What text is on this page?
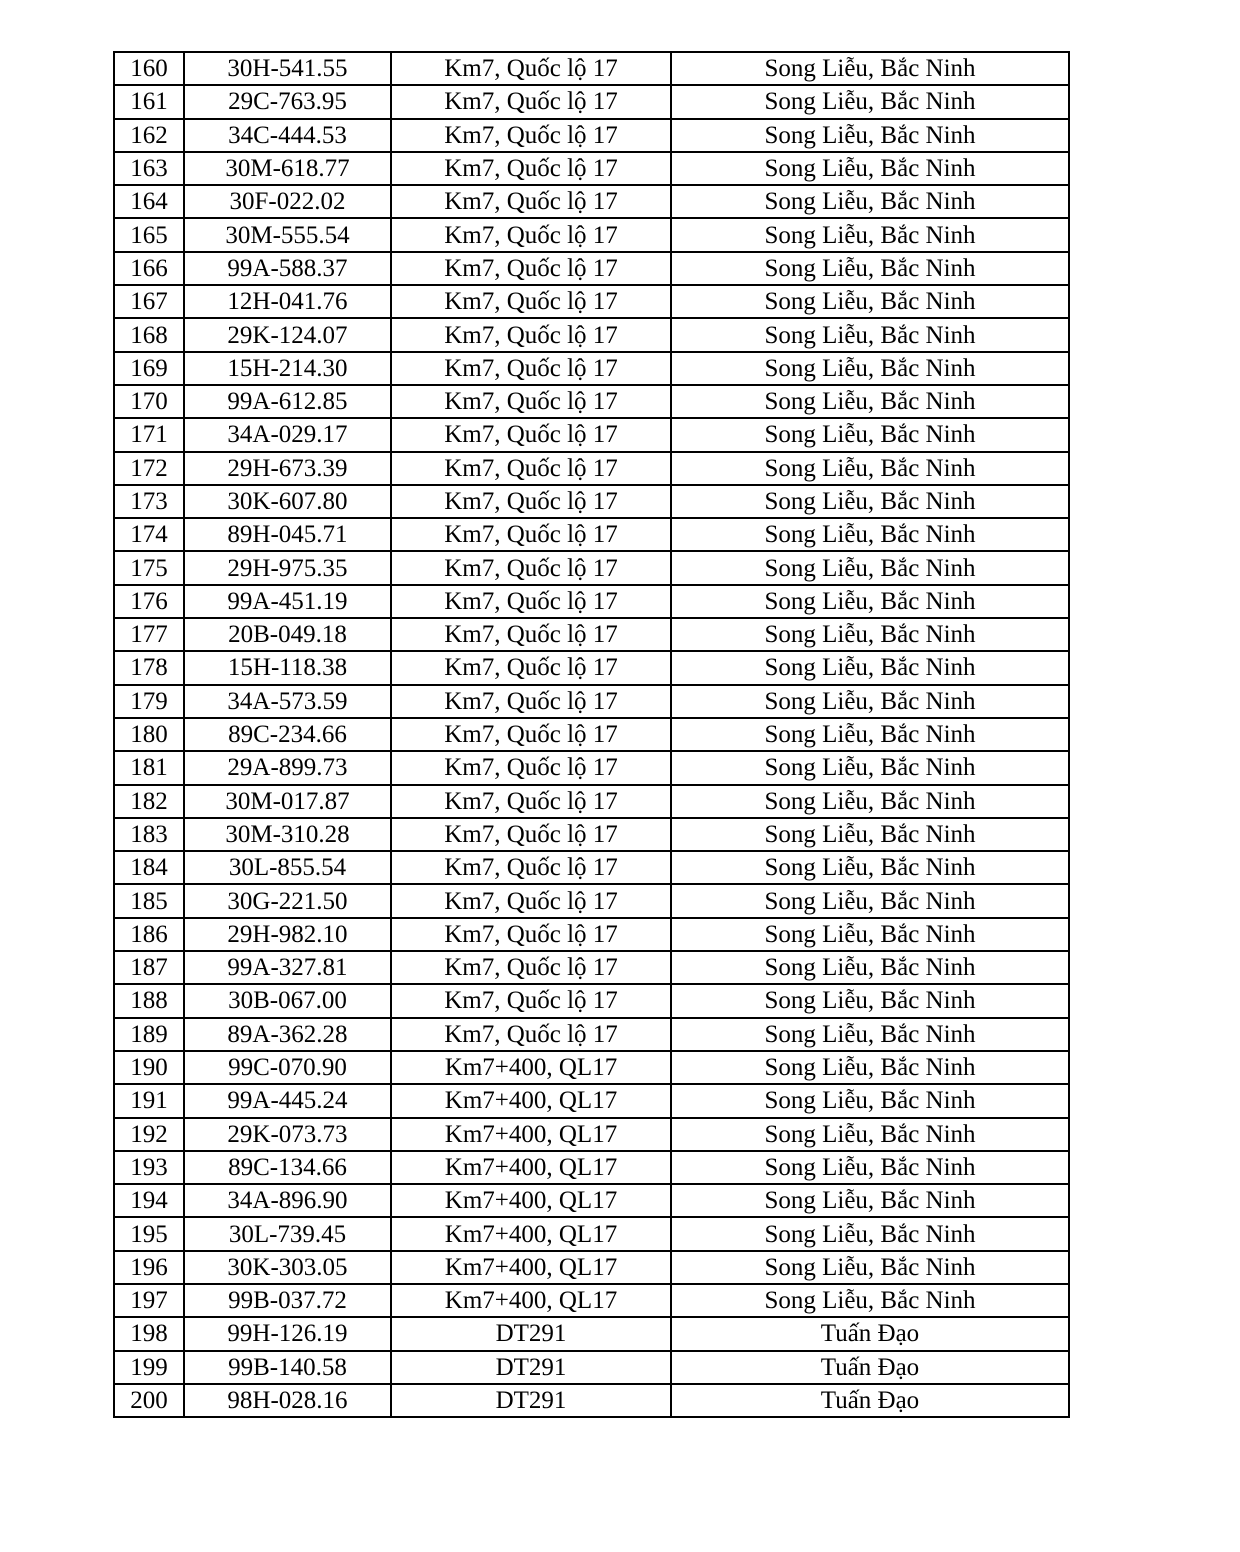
160	30H-541.55	Km7, Quốc lộ 17	Song Liễu, Bắc Ninh
161	29C-763.95	Km7, Quốc lộ 17	Song Liễu, Bắc Ninh
162	34C-444.53	Km7, Quốc lộ 17	Song Liễu, Bắc Ninh
163	30M-618.77	Km7, Quốc lộ 17	Song Liễu, Bắc Ninh
164	30F-022.02	Km7, Quốc lộ 17	Song Liễu, Bắc Ninh
165	30M-555.54	Km7, Quốc lộ 17	Song Liễu, Bắc Ninh
166	99A-588.37	Km7, Quốc lộ 17	Song Liễu, Bắc Ninh
167	12H-041.76	Km7, Quốc lộ 17	Song Liễu, Bắc Ninh
168	29K-124.07	Km7, Quốc lộ 17	Song Liễu, Bắc Ninh
169	15H-214.30	Km7, Quốc lộ 17	Song Liễu, Bắc Ninh
170	99A-612.85	Km7, Quốc lộ 17	Song Liễu, Bắc Ninh
171	34A-029.17	Km7, Quốc lộ 17	Song Liễu, Bắc Ninh
172	29H-673.39	Km7, Quốc lộ 17	Song Liễu, Bắc Ninh
173	30K-607.80	Km7, Quốc lộ 17	Song Liễu, Bắc Ninh
174	89H-045.71	Km7, Quốc lộ 17	Song Liễu, Bắc Ninh
175	29H-975.35	Km7, Quốc lộ 17	Song Liễu, Bắc Ninh
176	99A-451.19	Km7, Quốc lộ 17	Song Liễu, Bắc Ninh
177	20B-049.18	Km7, Quốc lộ 17	Song Liễu, Bắc Ninh
178	15H-118.38	Km7, Quốc lộ 17	Song Liễu, Bắc Ninh
179	34A-573.59	Km7, Quốc lộ 17	Song Liễu, Bắc Ninh
180	89C-234.66	Km7, Quốc lộ 17	Song Liễu, Bắc Ninh
181	29A-899.73	Km7, Quốc lộ 17	Song Liễu, Bắc Ninh
182	30M-017.87	Km7, Quốc lộ 17	Song Liễu, Bắc Ninh
183	30M-310.28	Km7, Quốc lộ 17	Song Liễu, Bắc Ninh
184	30L-855.54	Km7, Quốc lộ 17	Song Liễu, Bắc Ninh
185	30G-221.50	Km7, Quốc lộ 17	Song Liễu, Bắc Ninh
186	29H-982.10	Km7, Quốc lộ 17	Song Liễu, Bắc Ninh
187	99A-327.81	Km7, Quốc lộ 17	Song Liễu, Bắc Ninh
188	30B-067.00	Km7, Quốc lộ 17	Song Liễu, Bắc Ninh
189	89A-362.28	Km7, Quốc lộ 17	Song Liễu, Bắc Ninh
190	99C-070.90	Km7+400, QL17	Song Liễu, Bắc Ninh
191	99A-445.24	Km7+400, QL17	Song Liễu, Bắc Ninh
192	29K-073.73	Km7+400, QL17	Song Liễu, Bắc Ninh
193	89C-134.66	Km7+400, QL17	Song Liễu, Bắc Ninh
194	34A-896.90	Km7+400, QL17	Song Liễu, Bắc Ninh
195	30L-739.45	Km7+400, QL17	Song Liễu, Bắc Ninh
196	30K-303.05	Km7+400, QL17	Song Liễu, Bắc Ninh
197	99B-037.72	Km7+400, QL17	Song Liễu, Bắc Ninh
198	99H-126.19	DT291	Tuấn Đạo
199	99B-140.58	DT291	Tuấn Đạo
200	98H-028.16	DT291	Tuấn Đạo
